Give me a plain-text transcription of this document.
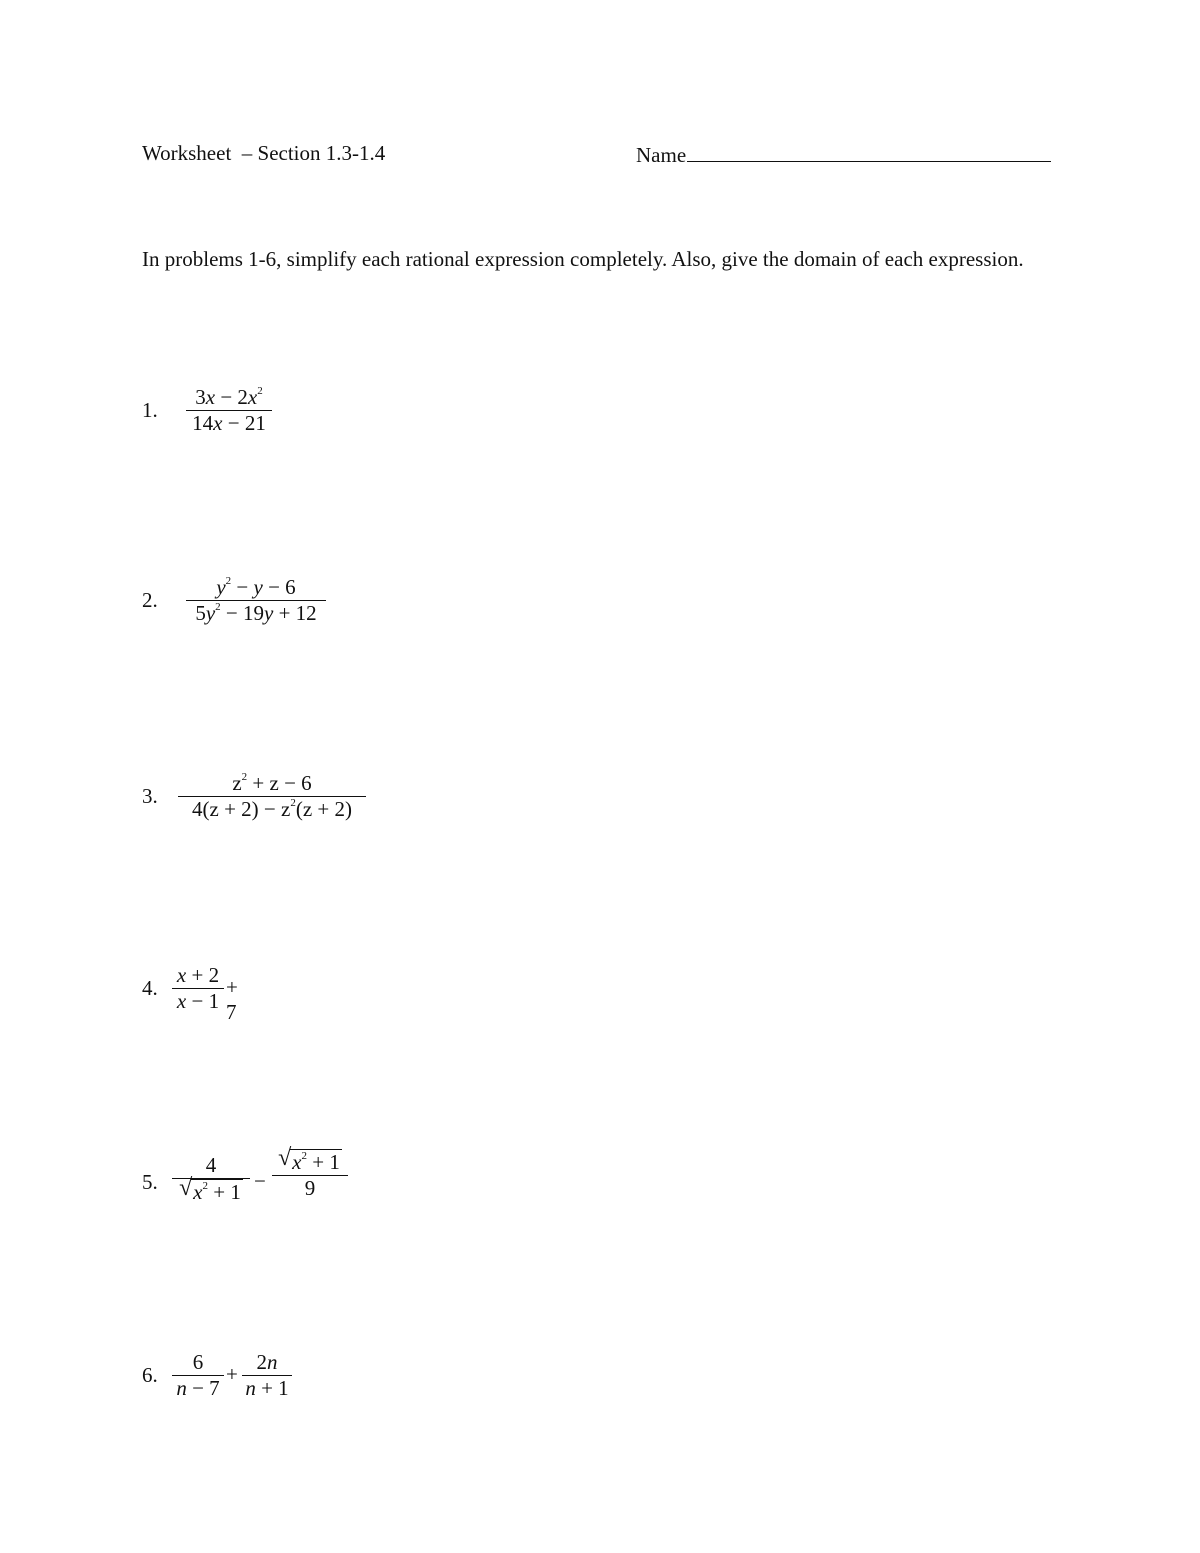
Worksheet  – Section 1.3-1.4	Name
In problems 1-6, simplify each rational expression completely. Also, give the domain of each expression.
1.
$3x - 2x^2$
14x − 21
2.
$y^2 - y - 6$
$5y^2 - 19y + 12$
3.
$z^2 + z - 6$
$4(z + 2) - z^2(z + 2)$
4.
x + 2
x − 1
+ 7
5.
4
√ $x^2 + 1$ −
√ $x^2 + 1$
9
6.
6
n − 7
+ 2n
n + 1
